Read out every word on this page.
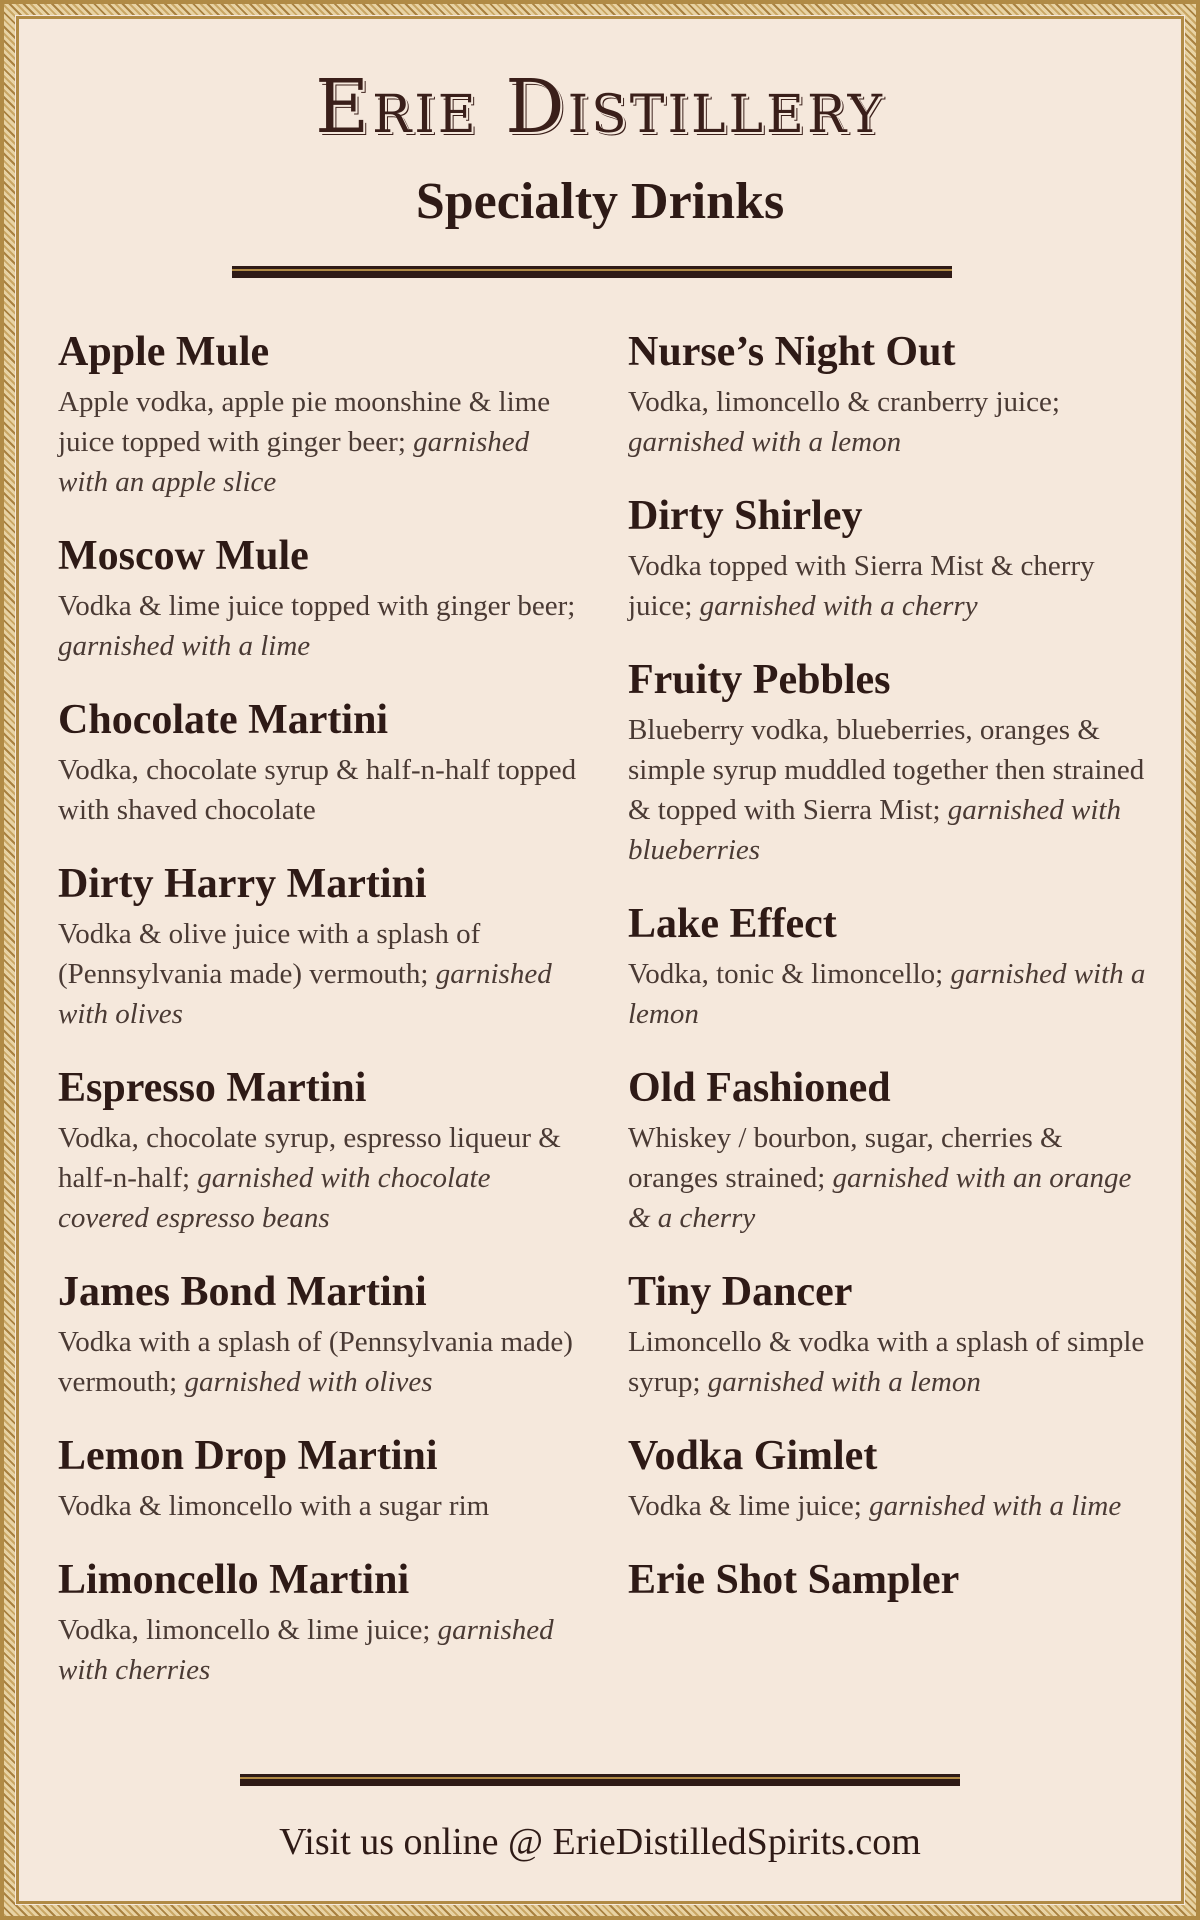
Erie Distillery
Specialty Drinks
Apple Mule

Apple vodka, apple pie moonshine & lime juice topped with ginger beer; garnished with an apple slice

Moscow Mule

Vodka & lime juice topped with ginger beer; garnished with a lime

Chocolate Martini

Vodka, chocolate syrup & half-n-half topped with shaved chocolate

Dirty Harry Martini

Vodka & olive juice with a splash of (Pennsylvania made) vermouth; garnished with olives

Espresso Martini

Vodka, chocolate syrup, espresso liqueur & half-n-half; garnished with chocolate covered espresso beans

James Bond Martini

Vodka with a splash of (Pennsylvania made) vermouth; garnished with olives

Lemon Drop Martini

Vodka & limoncello with a sugar rim

Limoncello Martini

Vodka, limoncello & lime juice; garnished with cherries

Nurse’s Night Out

Vodka, limoncello & cranberry juice; garnished with a lemon

Dirty Shirley

Vodka topped with Sierra Mist & cherry juice; garnished with a cherry

Fruity Pebbles

Blueberry vodka, blueberries, oranges & simple syrup muddled together then strained & topped with Sierra Mist; garnished with blueberries

Lake Effect

Vodka, tonic & limoncello; garnished with a lemon

Old Fashioned

Whiskey / bourbon, sugar, cherries & oranges strained; garnished with an orange & a cherry

Tiny Dancer

Limoncello & vodka with a splash of simple syrup; garnished with a lemon

Vodka Gimlet

Vodka & lime juice; garnished with a lime

Erie Shot Sampler
Visit us online @ ErieDistilledSpirits.com
